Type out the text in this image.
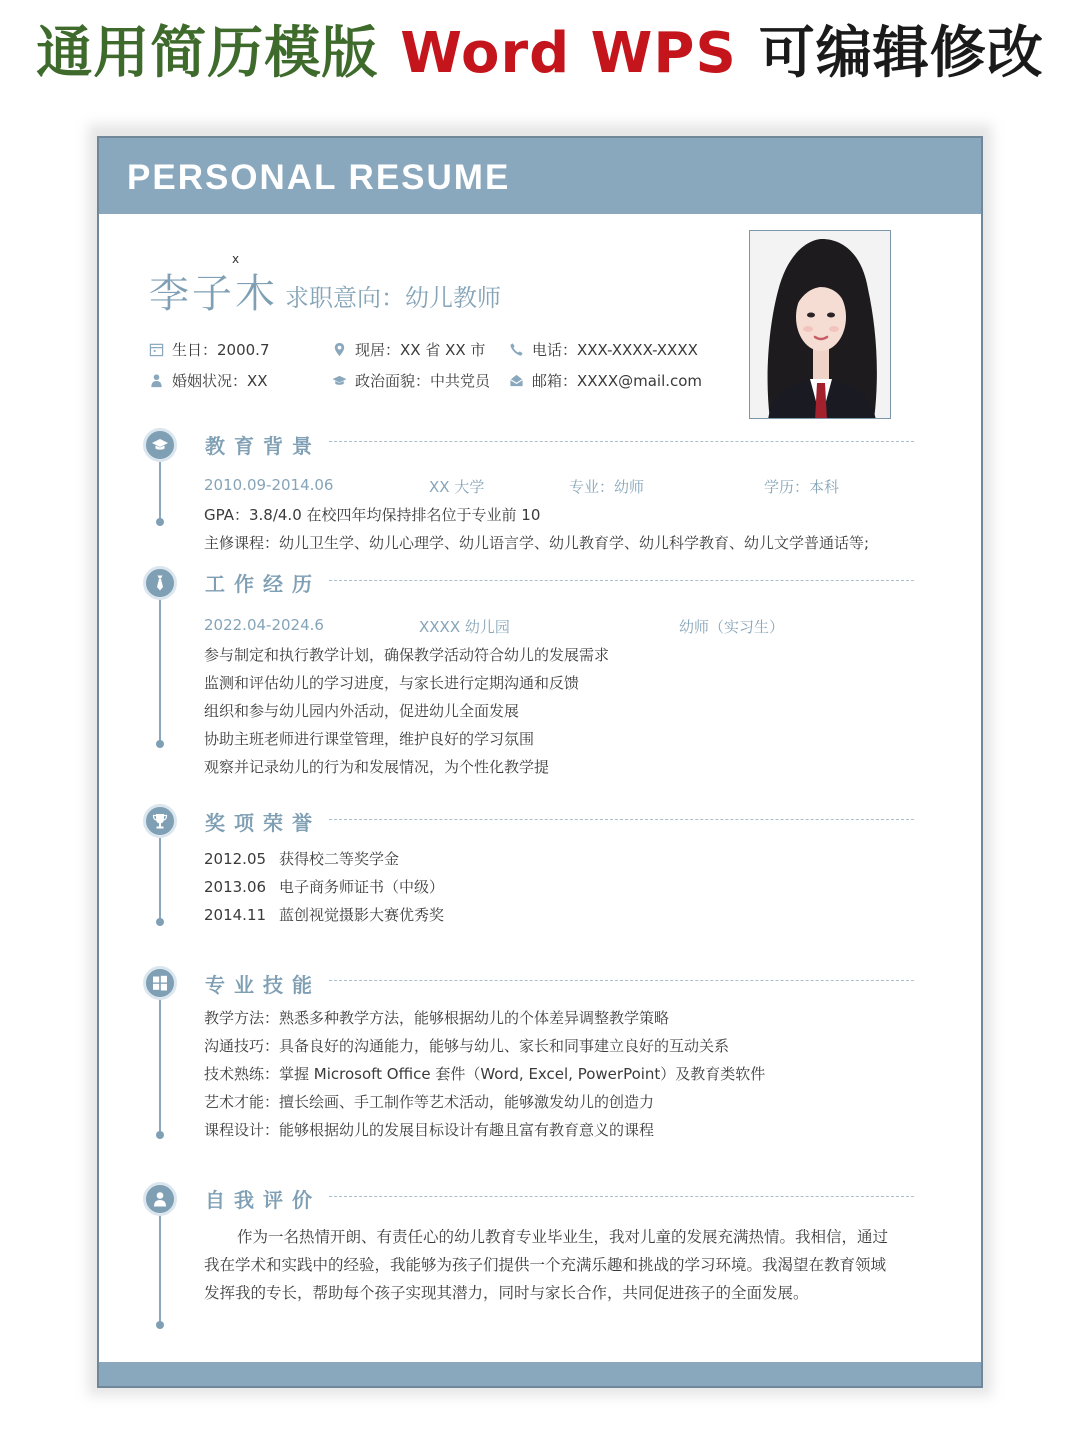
通用简历模版 Word WPS 可编辑修改
PERSONAL RESUME
x
李子木 求职意向：幼儿教师
生日：2000.7	现居：XX 省 XX 市	电话：XXX-XXXX-XXXX
婚姻状况：XX	政治面貌：中共党员	邮箱：XXXX@mail.com
教育背景
2010.09-2014.06	XX 大学	专业：幼师	学历：本科
GPA：3.8/4.0 在校四年均保持排名位于专业前 10
主修课程：幼儿卫生学、幼儿心理学、幼儿语言学、幼儿教育学、幼儿科学教育、幼儿文学普通话等;
工作经历
2022.04-2024.6	XXXX 幼儿园	幼师（实习生）
参与制定和执行教学计划，确保教学活动符合幼儿的发展需求
监测和评估幼儿的学习进度，与家长进行定期沟通和反馈
组织和参与幼儿园内外活动，促进幼儿全面发展
协助主班老师进行课堂管理，维护良好的学习氛围
观察并记录幼儿的行为和发展情况，为个性化教学提
奖项荣誉
2012.05 获得校二等奖学金
2013.06 电子商务师证书（中级）
2014.11 蓝创视觉摄影大赛优秀奖
专业技能
教学方法：熟悉多种教学方法，能够根据幼儿的个体差异调整教学策略
沟通技巧：具备良好的沟通能力，能够与幼儿、家长和同事建立良好的互动关系
技术熟练：掌握 Microsoft Office 套件（Word, Excel, PowerPoint）及教育类软件
艺术才能：擅长绘画、手工制作等艺术活动，能够激发幼儿的创造力
课程设计：能够根据幼儿的发展目标设计有趣且富有教育意义的课程
自我评价

作为一名热情开朗、有责任心的幼儿教育专业毕业生，我对儿童的发展充满热情。我相信，通过我在学术和实践中的经验，我能够为孩子们提供一个充满乐趣和挑战的学习环境。我渴望在教育领域发挥我的专长，帮助每个孩子实现其潜力，同时与家长合作，共同促进孩子的全面发展。
